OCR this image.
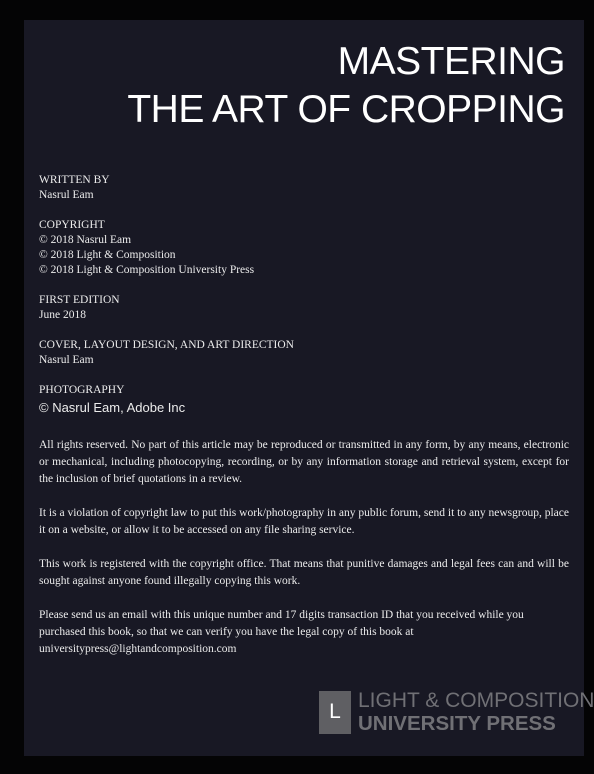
MASTERING
THE ART OF CROPPING
WRITTEN BY
Nasrul Eam
COPYRIGHT
© 2018 Nasrul Eam
© 2018 Light & Composition
© 2018 Light & Composition University Press
FIRST EDITION
June 2018
COVER, LAYOUT DESIGN, AND ART DIRECTION
Nasrul Eam
PHOTOGRAPHY
© Nasrul Eam, Adobe Inc

All rights reserved. No part of this article may be reproduced or transmitted in any form, by any means, electronic or mechanical, including photocopying, recording, or by any information storage and retrieval system, except for the inclusion of brief quotations in a review.

It is a violation of copyright law to put this work/photography in any public forum, send it to any newsgroup, place it on a website, or allow it to be accessed on any file sharing service.

This work is registered with the copyright office. That means that punitive damages and legal fees can and will be sought against anyone found illegally copying this work.

Please send us an email with this unique number and 17 digits transaction ID that you received while you purchased this book, so that we can verify you have the legal copy of this book at universitypress@lightandcomposition.com

L LIGHT & COMPOSITION
UNIVERSITY PRESS
